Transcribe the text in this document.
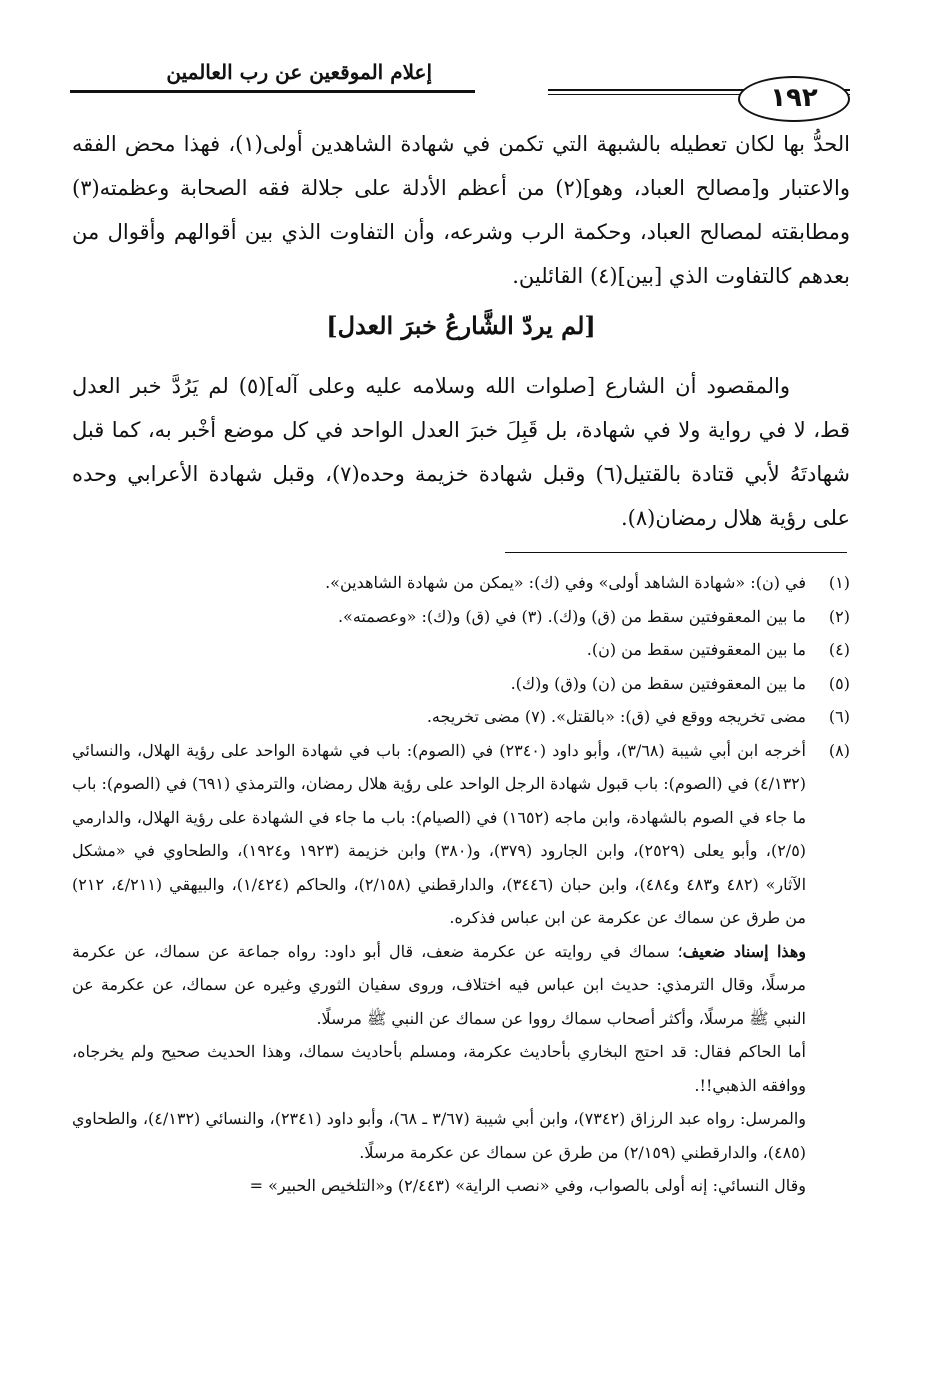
إعلام الموقعين عن رب العالمين
١٩٢

الحدُّ بها لكان تعطيله بالشبهة التي تكمن في شهادة الشاهدين أولى(١)، فهذا محض الفقه والاعتبار و[مصالح العباد، وهو](٢) من أعظم الأدلة على جلالة فقه الصحابة وعظمته(٣) ومطابقته لمصالح العباد، وحكمة الرب وشرعه، وأن التفاوت الذي بين أقوالهم وأقوال من بعدهم كالتفاوت الذي [بين](٤) القائلين.

[لم يردّ الشَّارعُ خبرَ العدل]

والمقصود أن الشارع [صلوات الله وسلامه عليه وعلى آله](٥) لم يَرُدَّ خبر العدل قط، لا في رواية ولا في شهادة، بل قَبِلَ خبرَ العدل الواحد في كل موضع أخْبر به، كما قبل شهادتَهُ لأبي قتادة بالقتيل(٦) وقبل شهادة خزيمة وحده(٧)، وقبل شهادة الأعرابي وحده على رؤية هلال رمضان(٨).

(١)
في (ن): «شهادة الشاهد أولى» وفي (ك): «يمكن من شهادة الشاهدين».
(٢)
ما بين المعقوفتين سقط من (ق) و(ك). (٣) في (ق) و(ك): «وعصمته».
(٤)
ما بين المعقوفتين سقط من (ن).
(٥)
ما بين المعقوفتين سقط من (ن) و(ق) و(ك).
(٦)
مضى تخريجه ووقع في (ق): «بالقتل». (٧) مضى تخريجه.
(٨)
أخرجه ابن أبي شيبة (٣/٦٨)، وأبو داود (٢٣٤٠) في (الصوم): باب في شهادة الواحد على رؤية الهلال، والنسائي (٤/١٣٢) في (الصوم): باب قبول شهادة الرجل الواحد على رؤية هلال رمضان، والترمذي (٦٩١) في (الصوم): باب ما جاء في الصوم بالشهادة، وابن ماجه (١٦٥٢) في (الصيام): باب ما جاء في الشهادة على رؤية الهلال، والدارمي (٢/٥)، وأبو يعلى (٢٥٢٩)، وابن الجارود (٣٧٩)، و(٣٨٠) وابن خزيمة (١٩٢٣ و١٩٢٤)، والطحاوي في «مشكل الآثار» (٤٨٢ و٤٨٣ و٤٨٤)، وابن حبان (٣٤٤٦)، والدارقطني (٢/١٥٨)، والحاكم (١/٤٢٤)، والبيهقي (٤/٢١١، ٢١٢) من طرق عن سماك عن عكرمة عن ابن عباس فذكره.
وهذا إسناد ضعيف؛ سماك في روايته عن عكرمة ضعف، قال أبو داود: رواه جماعة عن سماك، عن عكرمة مرسلًا، وقال الترمذي: حديث ابن عباس فيه اختلاف، وروى سفيان الثوري وغيره عن سماك، عن عكرمة عن النبي ﷺ مرسلًا، وأكثر أصحاب سماك رووا عن سماك عن النبي ﷺ مرسلًا.
أما الحاكم فقال: قد احتج البخاري بأحاديث عكرمة، ومسلم بأحاديث سماك، وهذا الحديث صحيح ولم يخرجاه، ووافقه الذهبي!!.
والمرسل: رواه عبد الرزاق (٧٣٤٢)، وابن أبي شيبة (٣/٦٧ ـ ٦٨)، وأبو داود (٢٣٤١)، والنسائي (٤/١٣٢)، والطحاوي (٤٨٥)، والدارقطني (٢/١٥٩) من طرق عن سماك عن عكرمة مرسلًا.
وقال النسائي: إنه أولى بالصواب، وفي «نصب الراية» (٢/٤٤٣) و«التلخيص الحبير» =
